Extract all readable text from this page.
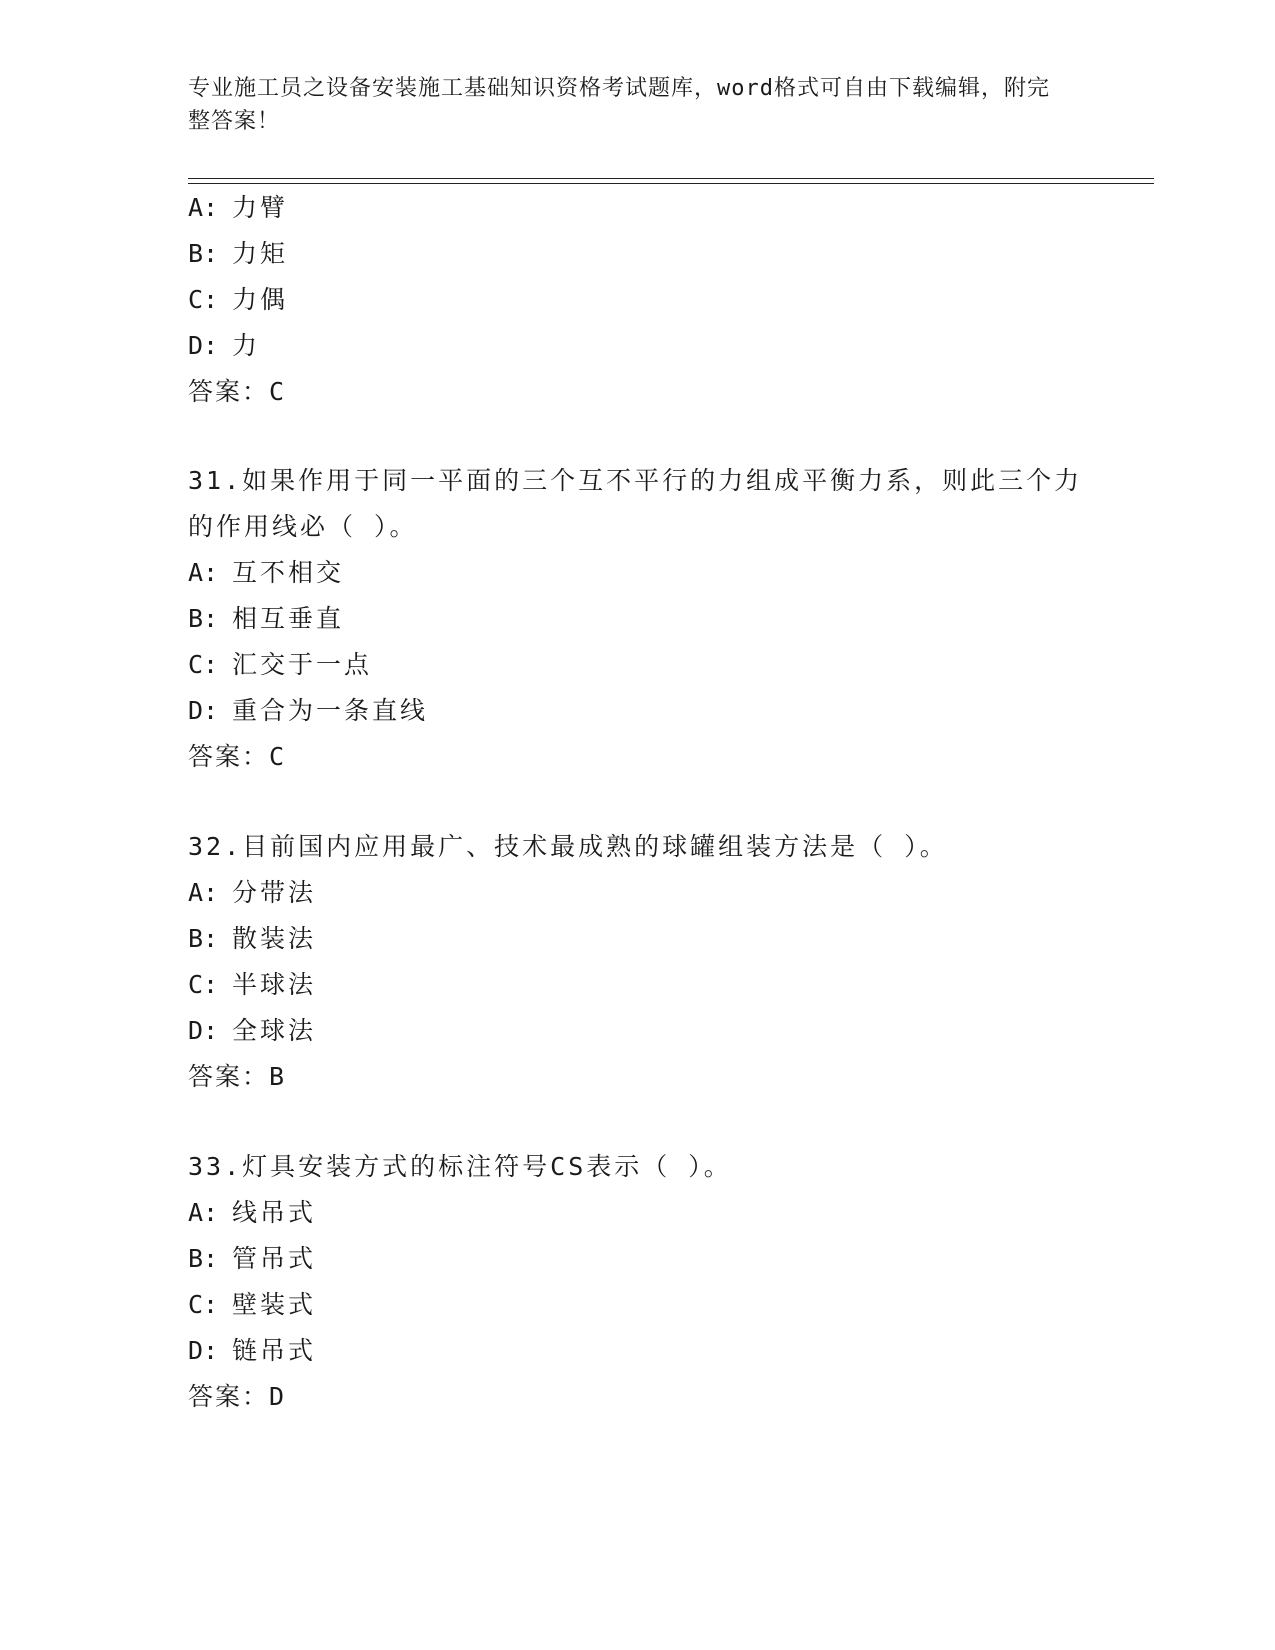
专业施工员之设备安装施工基础知识资格考试题库，word格式可自由下载编辑，附完整答案！
A: 力臂
B: 力矩
C: 力偶
D: 力
答案：C
31.如果作用于同一平面的三个互不平行的力组成平衡力系，则此三个力的作用线必（ ）。
A: 互不相交
B: 相互垂直
C: 汇交于一点
D: 重合为一条直线
答案：C
32.目前国内应用最广、技术最成熟的球罐组装方法是（ ）。
A: 分带法
B: 散装法
C: 半球法
D: 全球法
答案：B
33.灯具安装方式的标注符号CS表示（ ）。
A: 线吊式
B: 管吊式
C: 壁装式
D: 链吊式
答案：D
